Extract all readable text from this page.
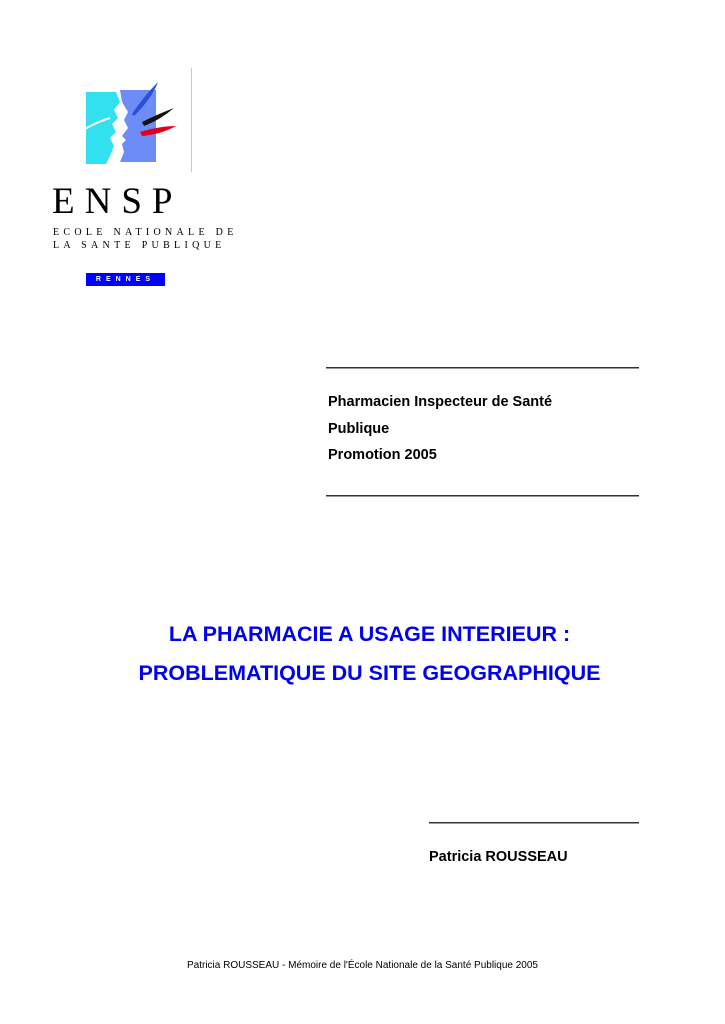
ENSP
ECOLE NATIONALE DE
LA SANTE PUBLIQUE
RENNES
Pharmacien Inspecteur de Santé
Publique
Promotion 2005
LA PHARMACIE A USAGE INTERIEUR :
PROBLEMATIQUE DU SITE GEOGRAPHIQUE
Patricia ROUSSEAU
Patricia ROUSSEAU - Mémoire de l'École Nationale de la Santé Publique 2005
